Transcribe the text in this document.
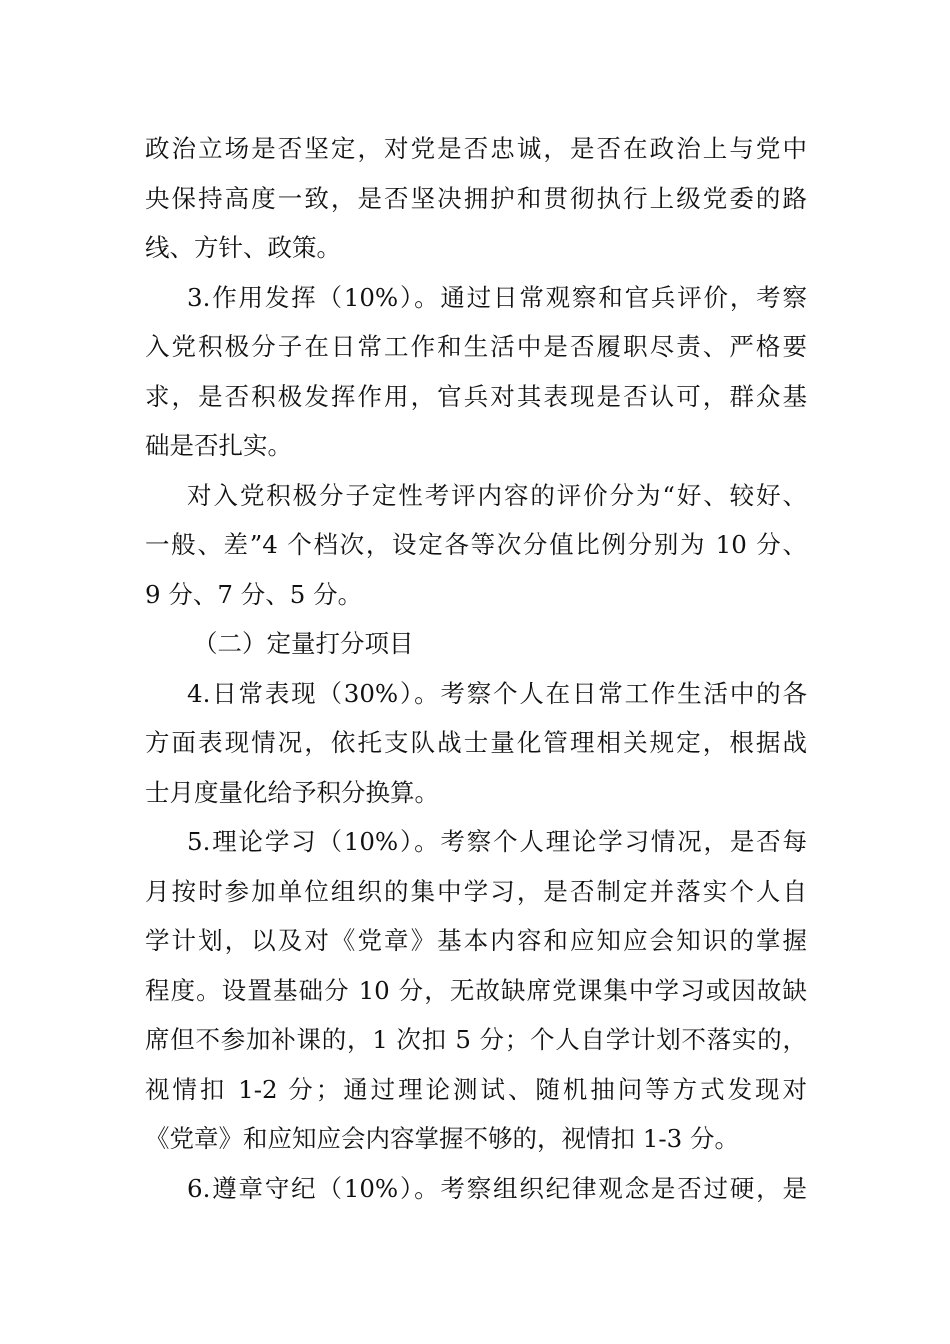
政治立场是否坚定，对党是否忠诚，是否在政治上与党中
央保持高度一致，是否坚决拥护和贯彻执行上级党委的路
线、方针、政策。
3.作用发挥（10%）。通过日常观察和官兵评价，考察
入党积极分子在日常工作和生活中是否履职尽责、严格要
求，是否积极发挥作用，官兵对其表现是否认可，群众基
础是否扎实。
对入党积极分子定性考评内容的评价分为“好、较好、
一般、差”4 个档次，设定各等次分值比例分别为 10 分、
9 分、7 分、5 分。
（二）定量打分项目
4.日常表现（30%）。考察个人在日常工作生活中的各
方面表现情况，依托支队战士量化管理相关规定，根据战
士月度量化给予积分换算。
5.理论学习（10%）。考察个人理论学习情况，是否每
月按时参加单位组织的集中学习，是否制定并落实个人自
学计划，以及对《党章》基本内容和应知应会知识的掌握
程度。设置基础分 10 分，无故缺席党课集中学习或因故缺
席但不参加补课的，1 次扣 5 分；个人自学计划不落实的，
视情扣 1-2 分；通过理论测试、随机抽问等方式发现对
《党章》和应知应会内容掌握不够的，视情扣 1-3 分。
6.遵章守纪（10%）。考察组织纪律观念是否过硬，是
